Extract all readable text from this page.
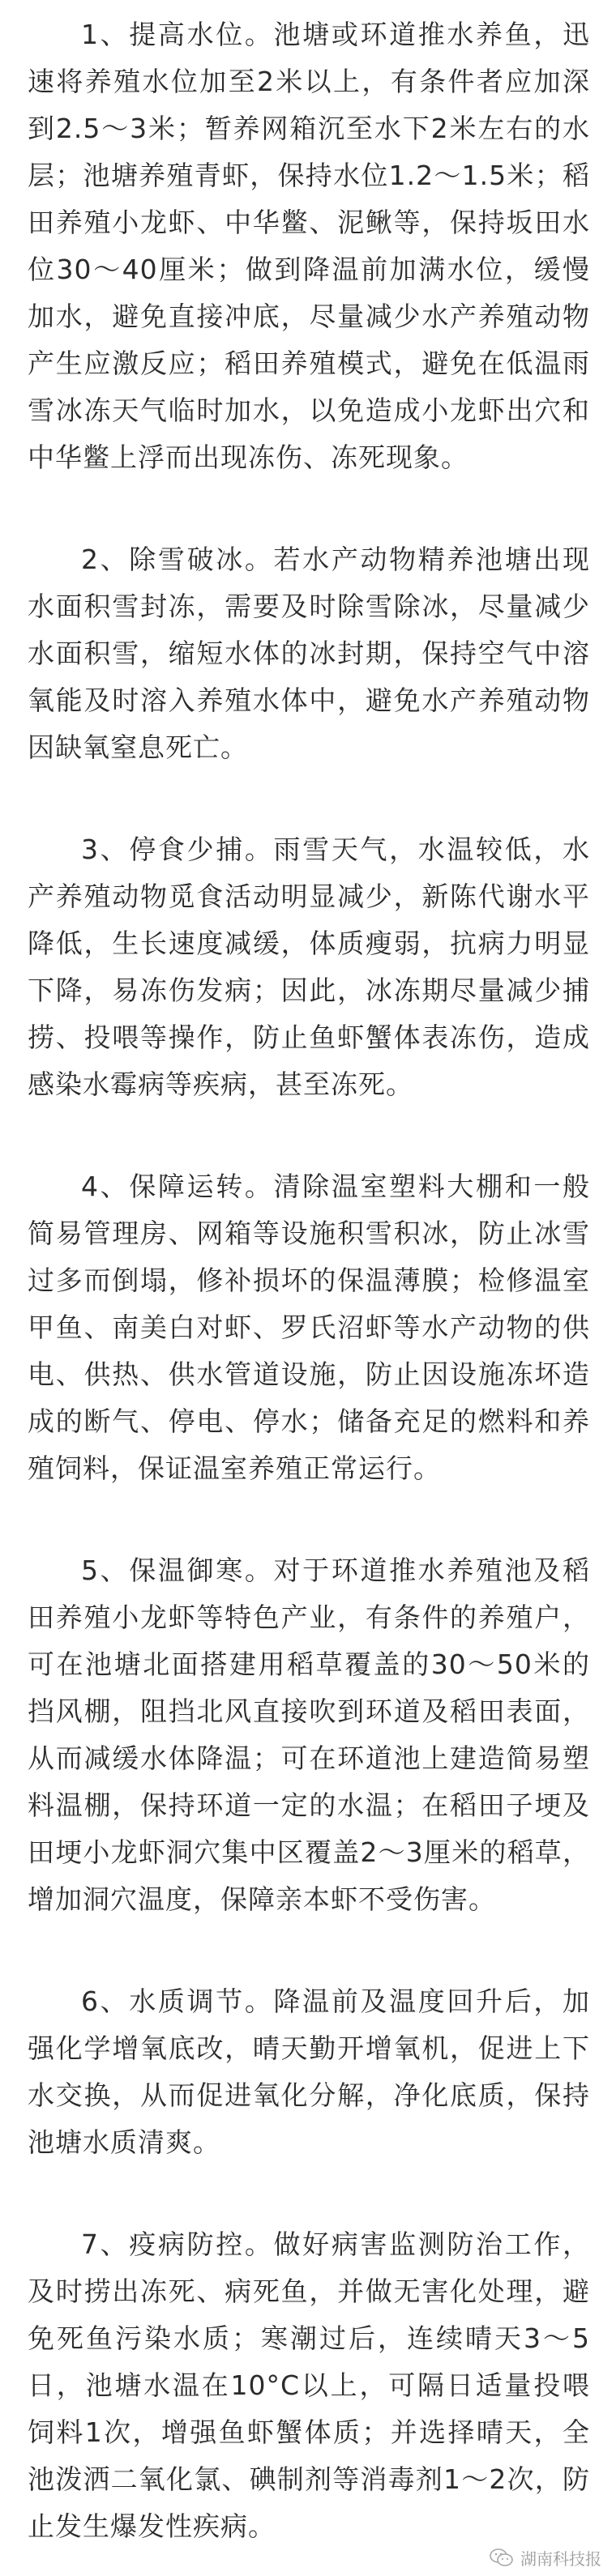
1、提高水位。池塘或环道推水养鱼，迅速将养殖水位加至2米以上，有条件者应加深到2.5～3米；暂养网箱沉至水下2米左右的水层；池塘养殖青虾，保持水位1.2～1.5米；稻田养殖小龙虾、中华鳖、泥鳅等，保持坂田水位30～40厘米；做到降温前加满水位，缓慢加水，避免直接冲底，尽量减少水产养殖动物产生应激反应；稻田养殖模式，避免在低温雨雪冰冻天气临时加水，以免造成小龙虾出穴和中华鳖上浮而出现冻伤、冻死现象。

2、除雪破冰。若水产动物精养池塘出现水面积雪封冻，需要及时除雪除冰，尽量减少水面积雪，缩短水体的冰封期，保持空气中溶氧能及时溶入养殖水体中，避免水产养殖动物因缺氧窒息死亡。

3、停食少捕。雨雪天气，水温较低，水产养殖动物觅食活动明显减少，新陈代谢水平降低，生长速度减缓，体质瘦弱，抗病力明显下降，易冻伤发病；因此，冰冻期尽量减少捕捞、投喂等操作，防止鱼虾蟹体表冻伤，造成感染水霉病等疾病，甚至冻死。

4、保障运转。清除温室塑料大棚和一般简易管理房、网箱等设施积雪积冰，防止冰雪过多而倒塌，修补损坏的保温薄膜；检修温室甲鱼、南美白对虾、罗氏沼虾等水产动物的供电、供热、供水管道设施，防止因设施冻坏造成的断气、停电、停水；储备充足的燃料和养殖饲料，保证温室养殖正常运行。

5、保温御寒。对于环道推水养殖池及稻田养殖小龙虾等特色产业，有条件的养殖户，可在池塘北面搭建用稻草覆盖的30～50米的挡风棚，阻挡北风直接吹到环道及稻田表面，从而减缓水体降温；可在环道池上建造简易塑料温棚，保持环道一定的水温；在稻田子埂及田埂小龙虾洞穴集中区覆盖2～3厘米的稻草，增加洞穴温度，保障亲本虾不受伤害。

6、水质调节。降温前及温度回升后，加强化学增氧底改，晴天勤开增氧机，促进上下水交换，从而促进氧化分解，净化底质，保持池塘水质清爽。

7、疫病防控。做好病害监测防治工作，及时捞出冻死、病死鱼，并做无害化处理，避免死鱼污染水质；寒潮过后，连续晴天3～5日，池塘水温在10°C以上，可隔日适量投喂饲料1次，增强鱼虾蟹体质；并选择晴天，全池泼洒二氧化氯、碘制剂等消毒剂1～2次，防止发生爆发性疾病。

湖南科技报
